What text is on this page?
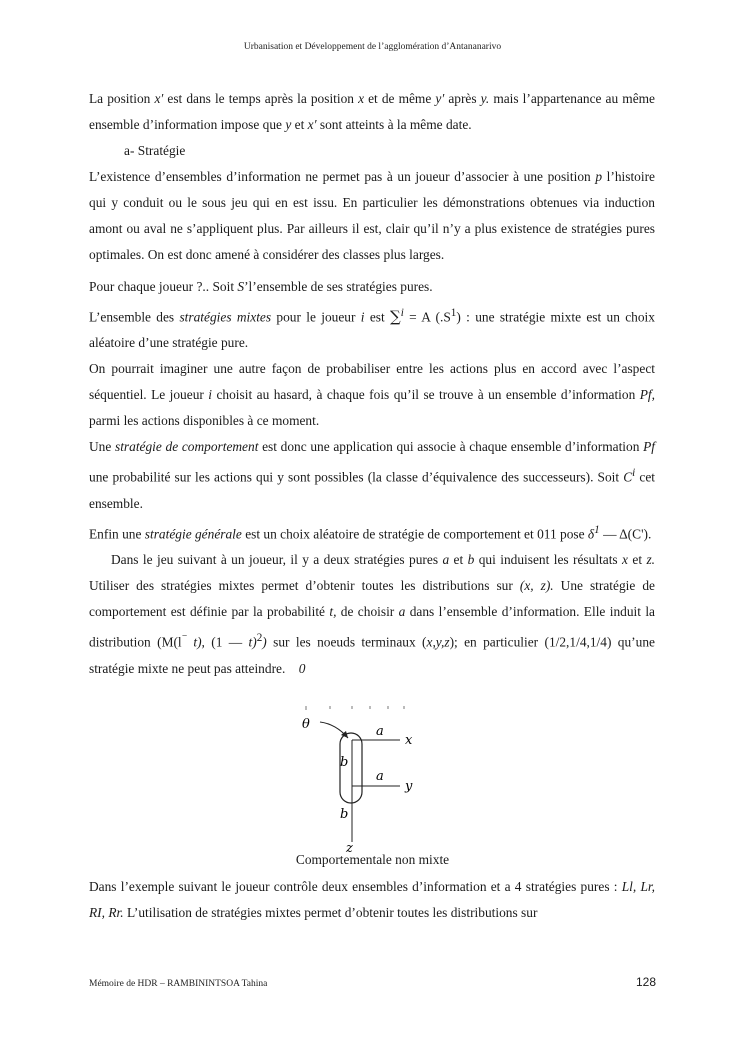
Urbanisation et Développement de l’agglomération d’Antananarivo

La position x′ est dans le temps après la position x et de même y′ après y. mais l’appartenance au même ensemble d’information impose que y et x′ sont atteints à la même date.

a- Stratégie

L’existence d’ensembles d’information ne permet pas à un joueur d’associer à une position p l’histoire qui y conduit ou le sous jeu qui en est issu. En particulier les démonstrations obtenues via induction amont ou aval ne s’appliquent plus. Par ailleurs il est, clair qu’il n’y a plus existence de stratégies pures optimales. On est donc amené à considérer des classes plus larges.

Pour chaque joueur ?.. Soit S’l’ensemble de ses stratégies pures.

L’ensemble des stratégies mixtes pour le joueur i est ∑$^i$ = A $(.S^1)$ : une stratégie mixte est un choix aléatoire d’une stratégie pure.

On pourrait imaginer une autre façon de probabiliser entre les actions plus en accord avec l’aspect séquentiel. Le joueur i choisit au hasard, à chaque fois qu’il se trouve à un ensemble d’information Pf, parmi les actions disponibles à ce moment.

Une stratégie de comportement est donc une application qui associe à chaque ensemble d’information Pf une probabilité sur les actions qui y sont possibles (la classe d’équivalence des successeurs). Soit $C^i$ cet ensemble.

Enfin une stratégie générale est un choix aléatoire de stratégie de comportement et 011 pose $\delta^1$ — Δ(C').

Dans le jeu suivant à un joueur, il y a deux stratégies pures a et b qui induisent les résultats x et z. Utiliser des stratégies mixtes permet d’obtenir toutes les distributions sur (x, z). Une stratégie de comportement est définie par la probabilité t, de choisir a dans l’ensemble d’information. Elle induit la distribution (M(l⁻ t), (1 — t)$^2$) sur les noeuds terminaux (x,y,z); en particulier (1/2,1/4,1/4) qu’une stratégie mixte ne peut pas atteindre. 0

θ	a
x
b
a
y
b
z
Comportementale non mixte

Dans l’exemple suivant le joueur contrôle deux ensembles d’information et a 4 stratégies pures : Ll, Lr, RI, Rr. L’utilisation de stratégies mixtes permet d’obtenir toutes les distributions sur

Mémoire de HDR – RAMBININTSOA Tahina	128
